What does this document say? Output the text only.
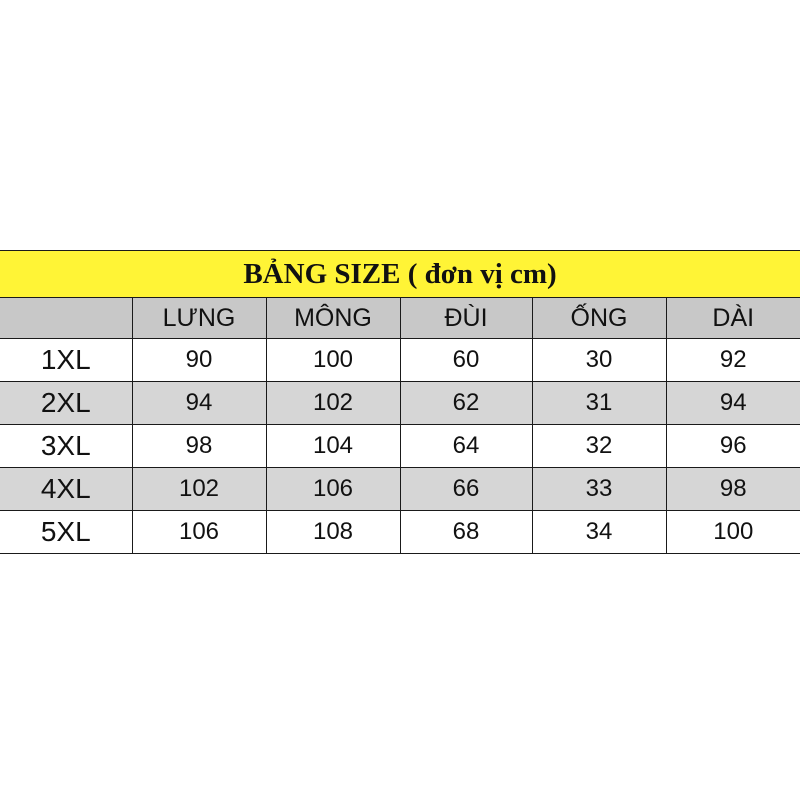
BẢNG SIZE ( đơn vị cm)					
	LƯNG	MÔNG	ĐÙI	ỐNG	DÀI
1XL	90	100	60	30	92
2XL	94	102	62	31	94
3XL	98	104	64	32	96
4XL	102	106	66	33	98
5XL	106	108	68	34	100
